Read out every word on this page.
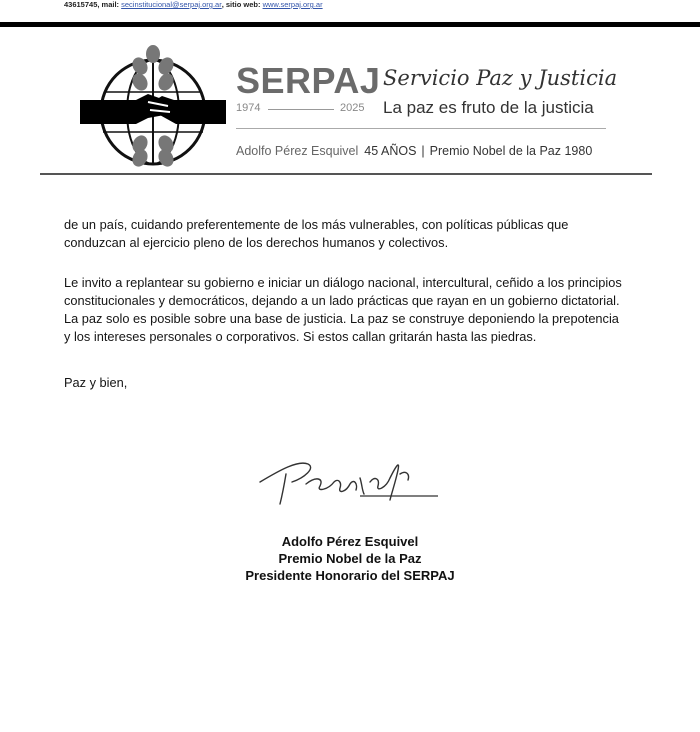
43615745, mail: secinstitucional@serpaj.org.ar, sitio web: www.serpaj.org.ar
SERPAJ Servicio Paz y Justicia
1974	2025 La paz es fruto de la justicia
Adolfo Pérez Esquivel 45 AÑOS | Premio Nobel de la Paz 1980
de un país, cuidando preferentemente de los más vulnerables, con políticas públicas que conduzcan al ejercicio pleno de los derechos humanos y colectivos.
Le invito a replantear su gobierno e iniciar un diálogo nacional, intercultural, ceñido a los principios constitucionales y democráticos, dejando a un lado prácticas que rayan en un gobierno dictatorial. La paz solo es posible sobre una base de justicia. La paz se construye deponiendo la prepotencia y los intereses personales o corporativos. Si estos callan gritarán hasta las piedras.
Paz y bien,
Adolfo Pérez Esquivel
Premio Nobel de la Paz
Presidente Honorario del SERPAJ
